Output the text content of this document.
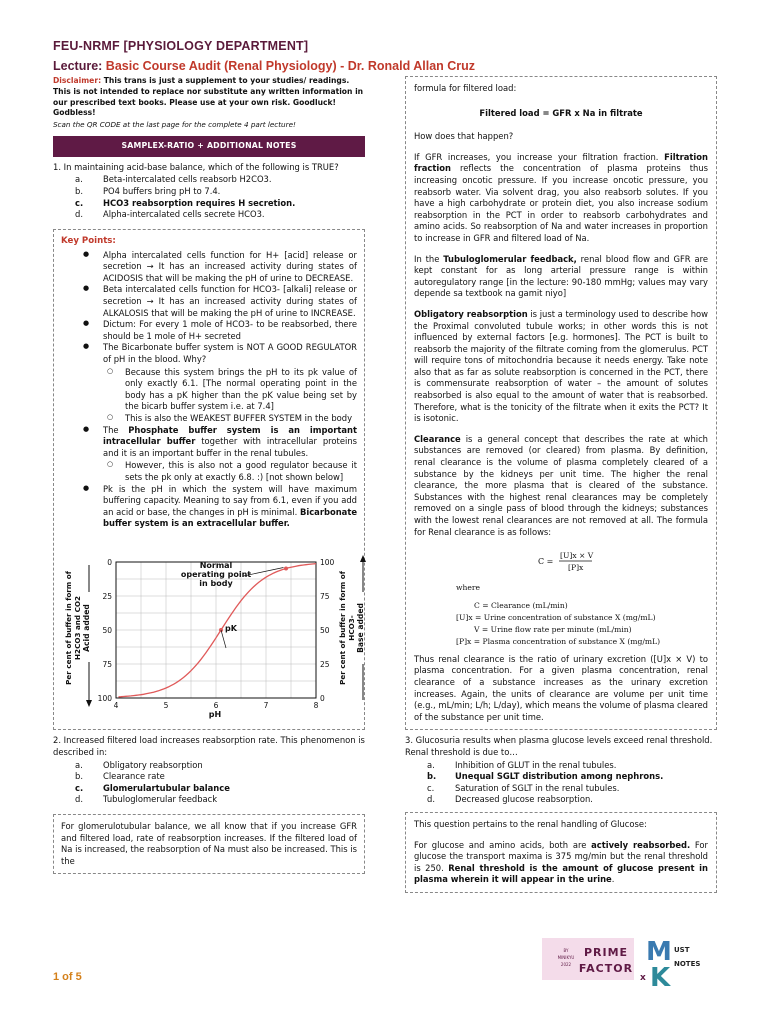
FEU-NRMF [PHYSIOLOGY DEPARTMENT]
Lecture: Basic Course Audit (Renal Physiology) - Dr. Ronald Allan Cruz
Disclaimer: This trans is just a supplement to your studies/ readings. This is not intended to replace nor substitute any written information in our prescribed text books. Please use at your own risk. Goodluck! Godbless!
Scan the QR CODE at the last page for the complete 4 part lecture!
SAMPLEX-RATIO + ADDITIONAL NOTES
1. In maintaining acid-base balance, which of the following is TRUE?
a.	Beta-intercalated cells reabsorb H2CO3.
b.	PO4 buffers bring pH to 7.4.
c.	HCO3 reabsorption requires H secretion.
d.	Alpha-intercalated cells secrete HCO3.
Key Points:
● Alpha intercalated cells function for H+ [acid] release or secretion → It has an increased activity during states of ACIDOSIS that will be making the pH of urine to DECREASE.
● Beta intercalated cells function for HCO3- [alkali] release or secretion → It has an increased activity during states of ALKALOSIS that will be making the pH of urine to INCREASE.
● Dictum: For every 1 mole of HCO3- to be reabsorbed, there should be 1 mole of H+ secreted
● The Bicarbonate buffer system is NOT A GOOD REGULATOR of pH in the blood. Why?
○ Because this system brings the pH to its pk value of only exactly 6.1. [The normal operating point in the body has a pK higher than the pK value being set by the bicarb buffer system i.e. at 7.4]
○ This is also the WEAKEST BUFFER SYSTEM in the body
● The Phosphate buffer system is an important intracellular buffer together with intracellular proteins and it is an important buffer in the renal tubules.
○ However, this is also not a good regulator because it sets the pk only at exactly 6.8. :) [not shown below]
● Pk is the pH in which the system will have maximum buffering capacity. Meaning to say from 6.1, even if you add an acid or base, the changes in pH is minimal. Bicarbonate buffer system is an extracellular buffer.
Per cent of buffer in form of H2CO3 and CO2 Acid added	Per cent of buffer in form of HCO3- Base added
4	5	6	7	8
0
25
50
75
100
100
75
50
25
0
Normal operating point in body
pK
pH
2. Increased filtered load increases reabsorption rate. This phenomenon is described in:
a.	Obligatory reabsorption
b.	Clearance rate
c.	Glomerulartubular balance
d.	Tubuloglomerular feedback
For glomerulotubular balance, we all know that if you increase GFR and filtered load, rate of reabsorption increases. If the filtered load of Na is increased, the reabsorption of Na must also be increased. This is the
formula for filtered load:
Filtered load = GFR x Na in filtrate
How does that happen?
If GFR increases, you increase your filtration fraction. Filtration fraction reflects the concentration of plasma proteins thus increasing oncotic pressure. If you increase oncotic pressure, you reabsorb water. Via solvent drag, you also reabsorb solutes. If you have a high carbohydrate or protein diet, you also increase sodium reabsorption in the PCT in order to reabsorb carbohydrates and amino acids. So reabsorption of Na and water increases in proportion to increase in GFR and filtered load of Na.
In the Tubuloglomerular feedback, renal blood flow and GFR are kept constant for as long arterial pressure range is within autoregulatory range [in the lecture: 90-180 mmHg; values may vary depende sa textbook na gamit niyo]
Obligatory reabsorption is just a terminology used to describe how the Proximal convoluted tubule works; in other words this is not influenced by external factors [e.g. hormones]. The PCT is built to reabsorb the majority of the filtrate coming from the glomerulus. PCT will require tons of mitochondria because it needs energy. Take note also that as far as solute reabsorption is concerned in the PCT, there is commensurate reabsorption of water – the amount of solutes reabsorbed is also equal to the amount of water that is reabsorbed. Therefore, what is the tonicity of the filtrate when it exits the PCT? It is isotonic.
Clearance is a general concept that describes the rate at which substances are removed (or cleared) from plasma. By definition, renal clearance is the volume of plasma completely cleared of a substance by the kidneys per unit time. The higher the renal clearance, the more plasma that is cleared of the substance. Substances with the highest renal clearances may be completely removed on a single pass of blood through the kidneys; substances with the lowest renal clearances are not removed at all. The formula for Renal clearance is as follows:
C =
[U]x × V
[P]x
where
C = Clearance (mL/min)
[U]x = Urine concentration of substance X (mg/mL)
V = Urine flow rate per minute (mL/min)
[P]x = Plasma concentration of substance X (mg/mL)
Thus renal clearance is the ratio of urinary excretion ([U]x × V) to plasma concentration. For a given plasma concentration, renal clearance of a substance increases as the urinary excretion increases. Again, the units of clearance are volume per unit time (e.g., mL/min; L/h; L/day), which means the volume of plasma cleared of the substance per unit time.
3. Glucosuria results when plasma glucose levels exceed renal threshold. Renal threshold is due to…
a.	Inhibition of GLUT in the renal tubules.
b.	Unequal SGLT distribution among nephrons.
c.	Saturation of SGLT in the renal tubules.
d.	Decreased glucose reabsorption.
This question pertains to the renal handling of Glucose:
For glucose and amino acids, both are actively reabsorbed. For glucose the transport maxima is 375 mg/min but the renal threshold is 250. Renal threshold is the amount of glucose present in plasma wherein it will appear in the urine.
1 of 5
BY
MINIKYU
2022
PRIME
FACTOR
x
M
K
UST
NOTES
